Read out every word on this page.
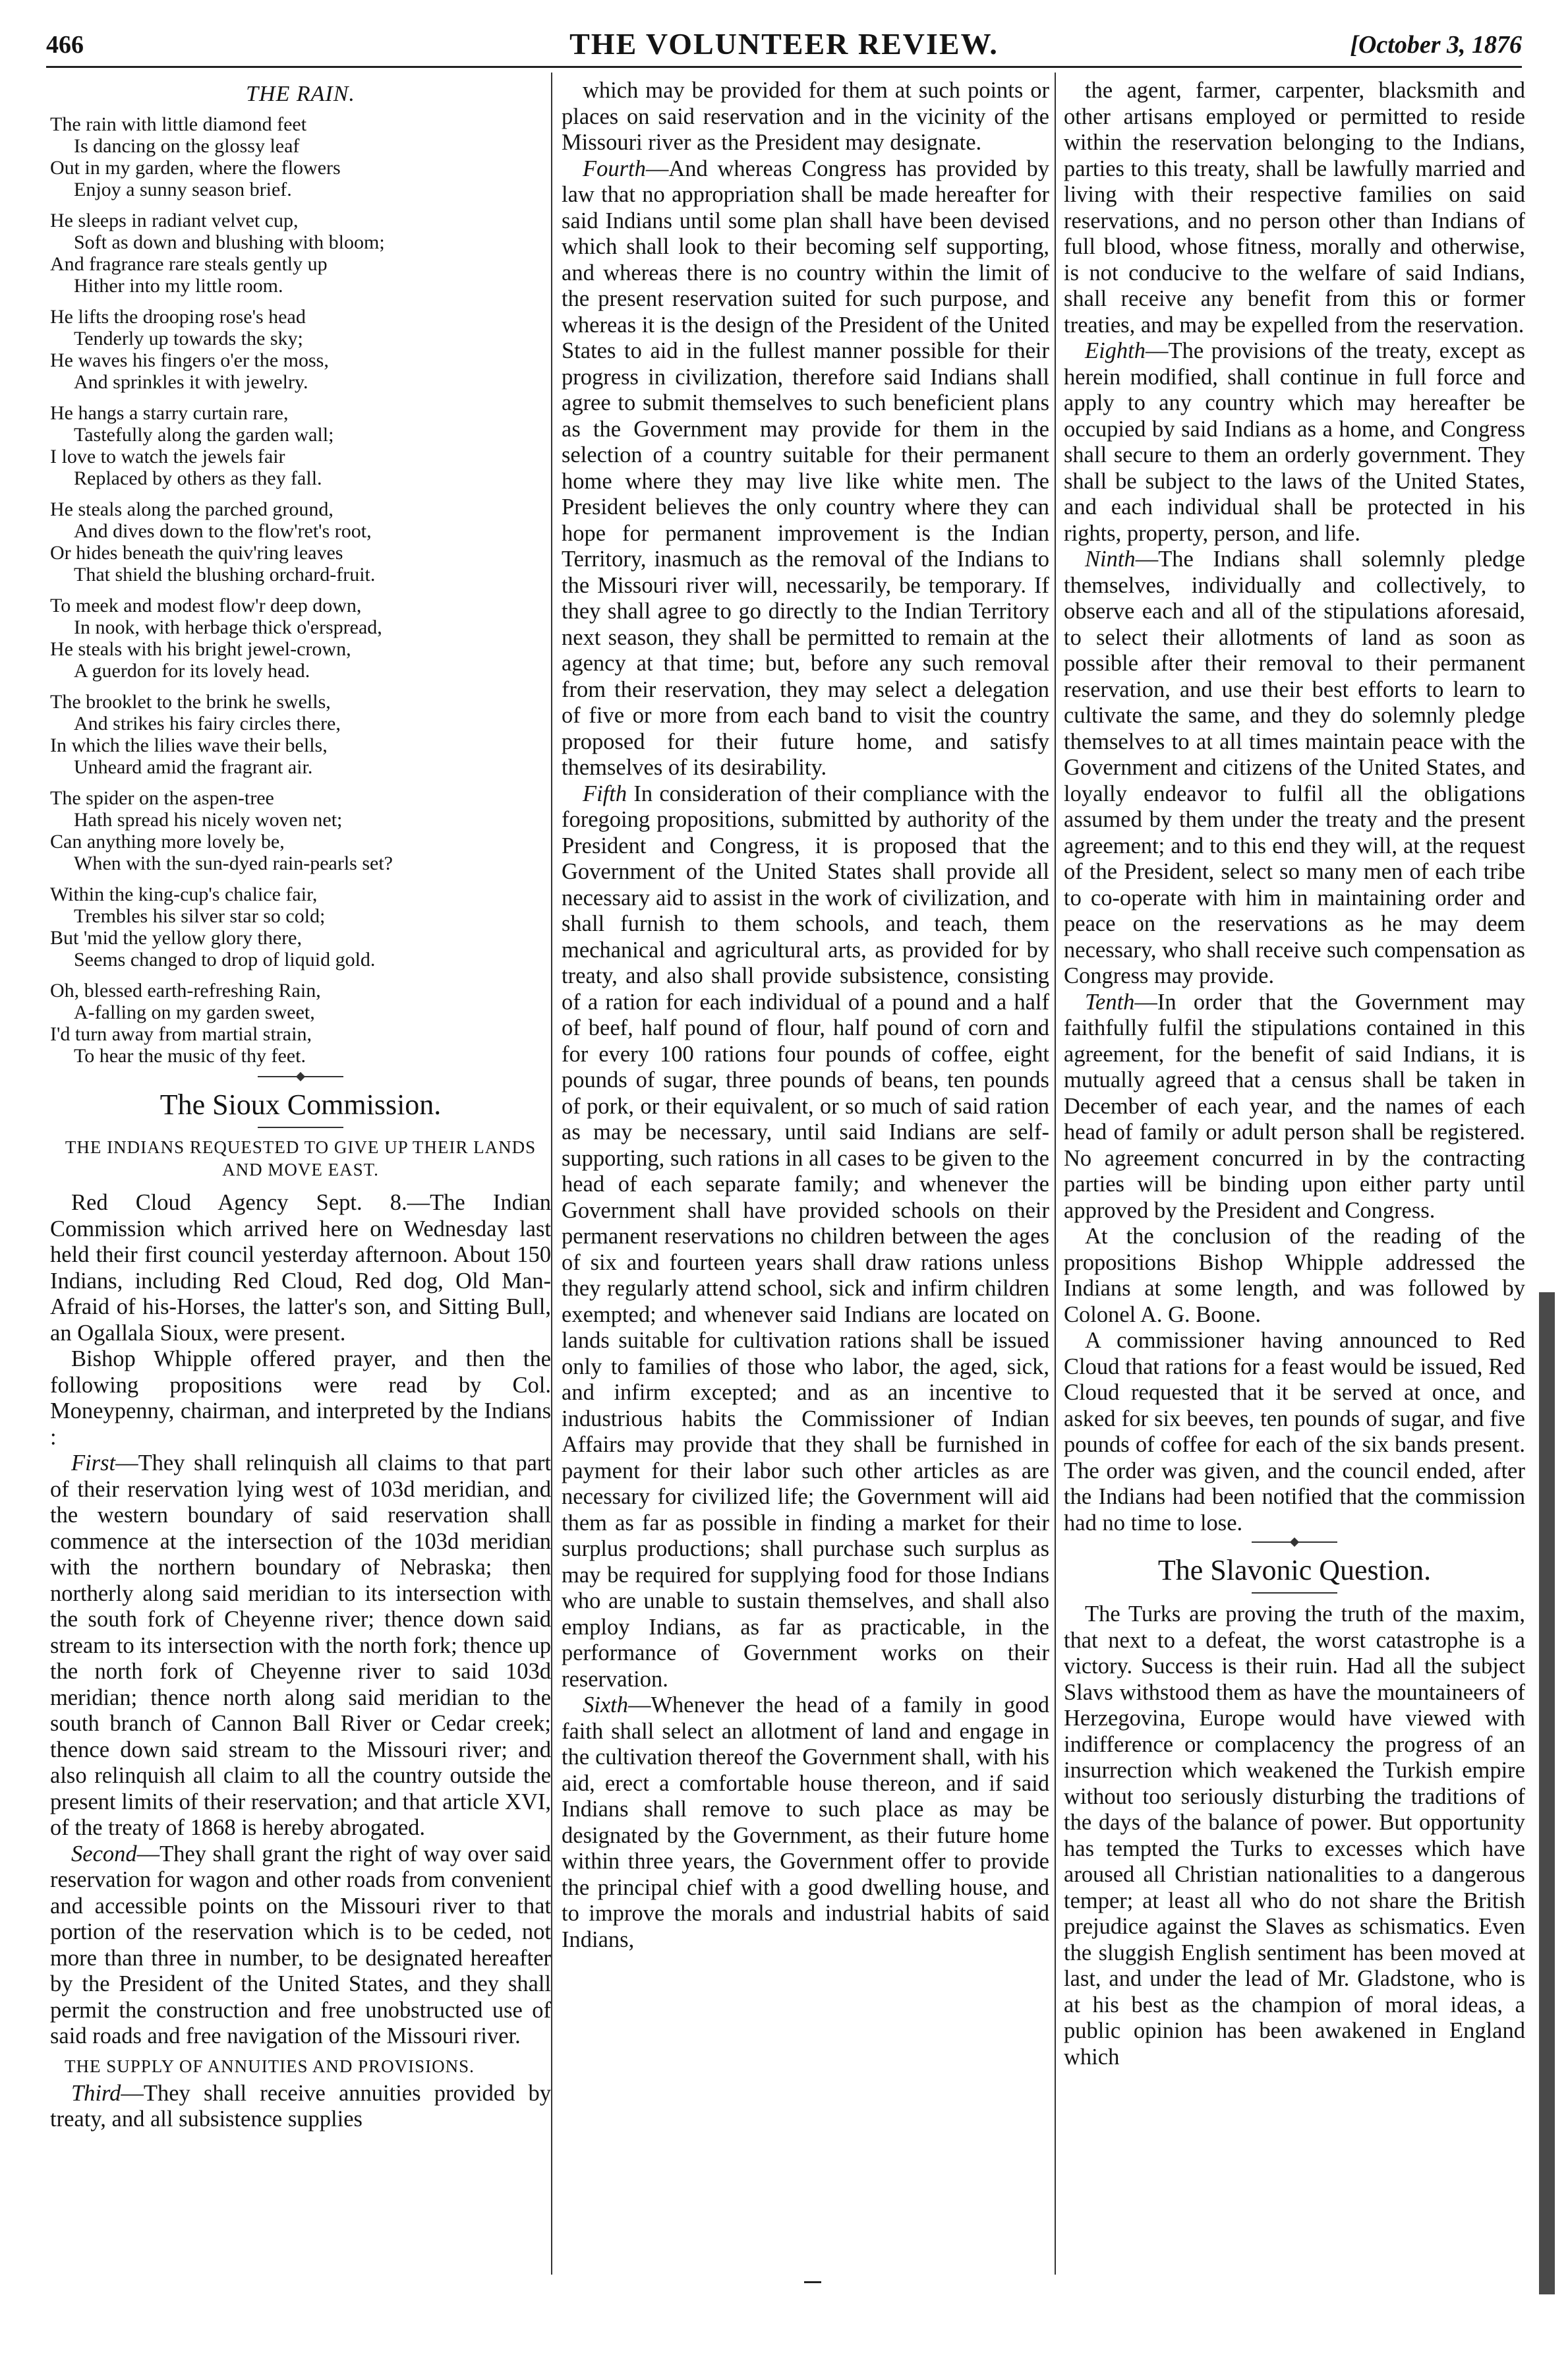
466	THE VOLUNTEER REVIEW.	[October 3, 1876
THE RAIN.
The rain with little diamond feet
Is dancing on the glossy leaf
Out in my garden, where the flowers
Enjoy a sunny season brief.
He sleeps in radiant velvet cup,
Soft as down and blushing with bloom;
And fragrance rare steals gently up
Hither into my little room.
He lifts the drooping rose's head
Tenderly up towards the sky;
He waves his fingers o'er the moss,
And sprinkles it with jewelry.
He hangs a starry curtain rare,
Tastefully along the garden wall;
I love to watch the jewels fair
Replaced by others as they fall.
He steals along the parched ground,
And dives down to the flow'ret's root,
Or hides beneath the quiv'ring leaves
That shield the blushing orchard-fruit.
To meek and modest flow'r deep down,
In nook, with herbage thick o'erspread,
He steals with his bright jewel-crown,
A guerdon for its lovely head.
The brooklet to the brink he swells,
And strikes his fairy circles there,
In which the lilies wave their bells,
Unheard amid the fragrant air.
The spider on the aspen-tree
Hath spread his nicely woven net;
Can anything more lovely be,
When with the sun-dyed rain-pearls set?
Within the king-cup's chalice fair,
Trembles his silver star so cold;
But 'mid the yellow glory there,
Seems changed to drop of liquid gold.
Oh, blessed earth-refreshing Rain,
A-falling on my garden sweet,
I'd turn away from martial strain,
To hear the music of thy feet.
The Sioux Commission.
THE INDIANS REQUESTED TO GIVE UP THEIR LANDS AND MOVE EAST.

Red Cloud Agency Sept. 8.—The Indian Commission which arrived here on Wednesday last held their first council yesterday afternoon. About 150 Indians, including Red Cloud, Red dog, Old Man-Afraid of his-Horses, the latter's son, and Sitting Bull, an Ogallala Sioux, were present.

Bishop Whipple offered prayer, and then the following propositions were read by Col. Moneypenny, chairman, and interpreted by the Indians :

First—They shall relinquish all claims to that part of their reservation lying west of 103d meridian, and the western boundary of said reservation shall commence at the intersection of the 103d meridian with the northern boundary of Nebraska; then northerly along said meridian to its intersection with the south fork of Cheyenne river; thence down said stream to its intersection with the north fork; thence up the north fork of Cheyenne river to said 103d meridian; thence north along said meridian to the south branch of Cannon Ball River or Cedar creek; thence down said stream to the Missouri river; and also relinquish all claim to all the country outside the present limits of their reservation; and that article XVI, of the treaty of 1868 is hereby abrogated.

Second—They shall grant the right of way over said reservation for wagon and other roads from convenient and accessible points on the Missouri river to that portion of the reservation which is to be ceded, not more than three in number, to be designated hereafter by the President of the United States, and they shall permit the construction and free unobstructed use of said roads and free navigation of the Missouri river.

THE SUPPLY OF ANNUITIES AND PROVISIONS.

Third—They shall receive annuities provided by treaty, and all subsistence supplies

which may be provided for them at such points or places on said reservation and in the vicinity of the Missouri river as the President may designate.

Fourth—And whereas Congress has provided by law that no appropriation shall be made hereafter for said Indians until some plan shall have been devised which shall look to their becoming self supporting, and whereas there is no country within the limit of the present reservation suited for such purpose, and whereas it is the design of the President of the United States to aid in the fullest manner possible for their progress in civilization, therefore said Indians shall agree to submit themselves to such beneficient plans as the Government may provide for them in the selection of a country suitable for their permanent home where they may live like white men. The President believes the only country where they can hope for permanent improvement is the Indian Territory, inasmuch as the removal of the Indians to the Missouri river will, necessarily, be temporary. If they shall agree to go directly to the Indian Territory next season, they shall be permitted to remain at the agency at that time; but, before any such removal from their reservation, they may select a delegation of five or more from each band to visit the country proposed for their future home, and satisfy themselves of its desirability.

Fifth In consideration of their compliance with the foregoing propositions, submitted by authority of the President and Congress, it is proposed that the Government of the United States shall provide all necessary aid to assist in the work of civilization, and shall furnish to them schools, and teach, them mechanical and agricultural arts, as provided for by treaty, and also shall provide subsistence, consisting of a ration for each individual of a pound and a half of beef, half pound of flour, half pound of corn and for every 100 rations four pounds of coffee, eight pounds of sugar, three pounds of beans, ten pounds of pork, or their equivalent, or so much of said ration as may be necessary, until said Indians are self-supporting, such rations in all cases to be given to the head of each separate family; and whenever the Government shall have provided schools on their permanent reservations no children between the ages of six and fourteen years shall draw rations unless they regularly attend school, sick and infirm children exempted; and whenever said Indians are located on lands suitable for cultivation rations shall be issued only to families of those who labor, the aged, sick, and infirm excepted; and as an incentive to industrious habits the Commissioner of Indian Affairs may provide that they shall be furnished in payment for their labor such other articles as are necessary for civilized life; the Government will aid them as far as possible in finding a market for their surplus productions; shall purchase such surplus as may be required for supplying food for those Indians who are unable to sustain themselves, and shall also employ Indians, as far as practicable, in the performance of Government works on their reservation.

Sixth—Whenever the head of a family in good faith shall select an allotment of land and engage in the cultivation thereof the Government shall, with his aid, erect a comfortable house thereon, and if said Indians shall remove to such place as may be designated by the Government, as their future home within three years, the Government offer to provide the principal chief with a good dwelling house, and to improve the morals and industrial habits of said Indians,

the agent, farmer, carpenter, blacksmith and other artisans employed or permitted to reside within the reservation belonging to the Indians, parties to this treaty, shall be lawfully married and living with their respective families on said reservations, and no person other than Indians of full blood, whose fitness, morally and otherwise, is not conducive to the welfare of said Indians, shall receive any benefit from this or former treaties, and may be expelled from the reservation.

Eighth—The provisions of the treaty, except as herein modified, shall continue in full force and apply to any country which may hereafter be occupied by said Indians as a home, and Congress shall secure to them an orderly government. They shall be subject to the laws of the United States, and each individual shall be protected in his rights, property, person, and life.

Ninth—The Indians shall solemnly pledge themselves, individually and collectively, to observe each and all of the stipulations aforesaid, to select their allotments of land as soon as possible after their removal to their permanent reservation, and use their best efforts to learn to cultivate the same, and they do solemnly pledge themselves to at all times maintain peace with the Government and citizens of the United States, and loyally endeavor to fulfil all the obligations assumed by them under the treaty and the present agreement; and to this end they will, at the request of the President, select so many men of each tribe to co-operate with him in maintaining order and peace on the reservations as he may deem necessary, who shall receive such compensation as Congress may provide.

Tenth—In order that the Government may faithfully fulfil the stipulations contained in this agreement, for the benefit of said Indians, it is mutually agreed that a census shall be taken in December of each year, and the names of each head of family or adult person shall be registered. No agreement concurred in by the contracting parties will be binding upon either party until approved by the President and Congress.

At the conclusion of the reading of the propositions Bishop Whipple addressed the Indians at some length, and was followed by Colonel A. G. Boone.

A commissioner having announced to Red Cloud that rations for a feast would be issued, Red Cloud requested that it be served at once, and asked for six beeves, ten pounds of sugar, and five pounds of coffee for each of the six bands present. The order was given, and the council ended, after the Indians had been notified that the commission had no time to lose.

The Slavonic Question.

The Turks are proving the truth of the maxim, that next to a defeat, the worst catastrophe is a victory. Success is their ruin. Had all the subject Slavs withstood them as have the mountaineers of Herzegovina, Europe would have viewed with indifference or complacency the progress of an insurrection which weakened the Turkish empire without too seriously disturbing the traditions of the days of the balance of power. But opportunity has tempted the Turks to excesses which have aroused all Christian nationalities to a dangerous temper; at least all who do not share the British prejudice against the Slaves as schismatics. Even the sluggish English sentiment has been moved at last, and under the lead of Mr. Gladstone, who is at his best as the champion of moral ideas, a public opinion has been awakened in England which
